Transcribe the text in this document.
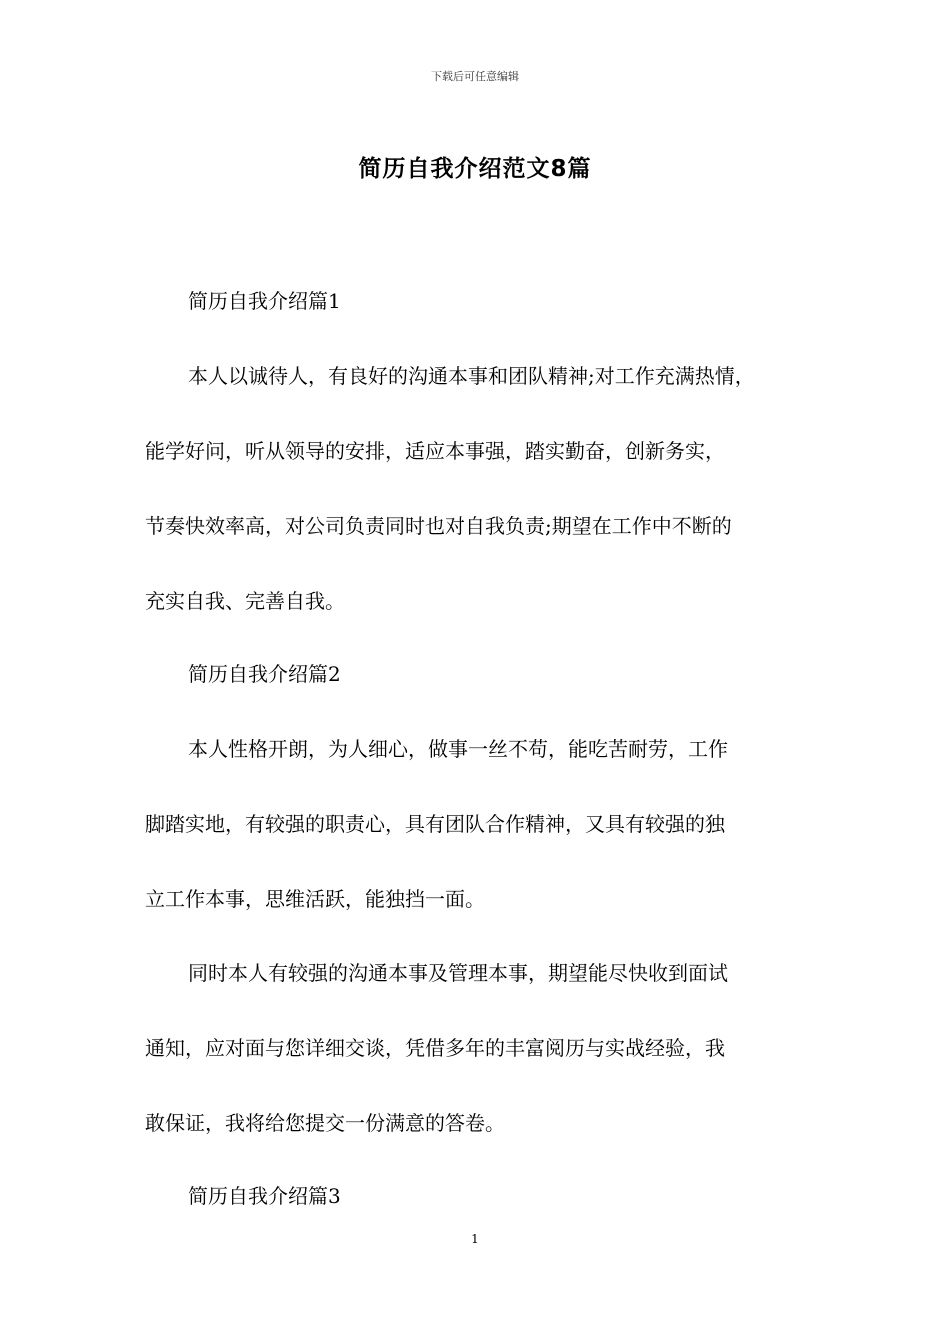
下载后可任意编辑
简历自我介绍范文8篇
简历自我介绍篇1
本人以诚待人，有良好的沟通本事和团队精神;对工作充满热情，
能学好问，听从领导的安排，适应本事强，踏实勤奋，创新务实，
节奏快效率高，对公司负责同时也对自我负责;期望在工作中不断的
充实自我、完善自我。
简历自我介绍篇2
本人性格开朗，为人细心，做事一丝不苟，能吃苦耐劳，工作
脚踏实地，有较强的职责心，具有团队合作精神，又具有较强的独
立工作本事，思维活跃，能独挡一面。
同时本人有较强的沟通本事及管理本事，期望能尽快收到面试
通知，应对面与您详细交谈，凭借多年的丰富阅历与实战经验，我
敢保证，我将给您提交一份满意的答卷。
简历自我介绍篇3
1
